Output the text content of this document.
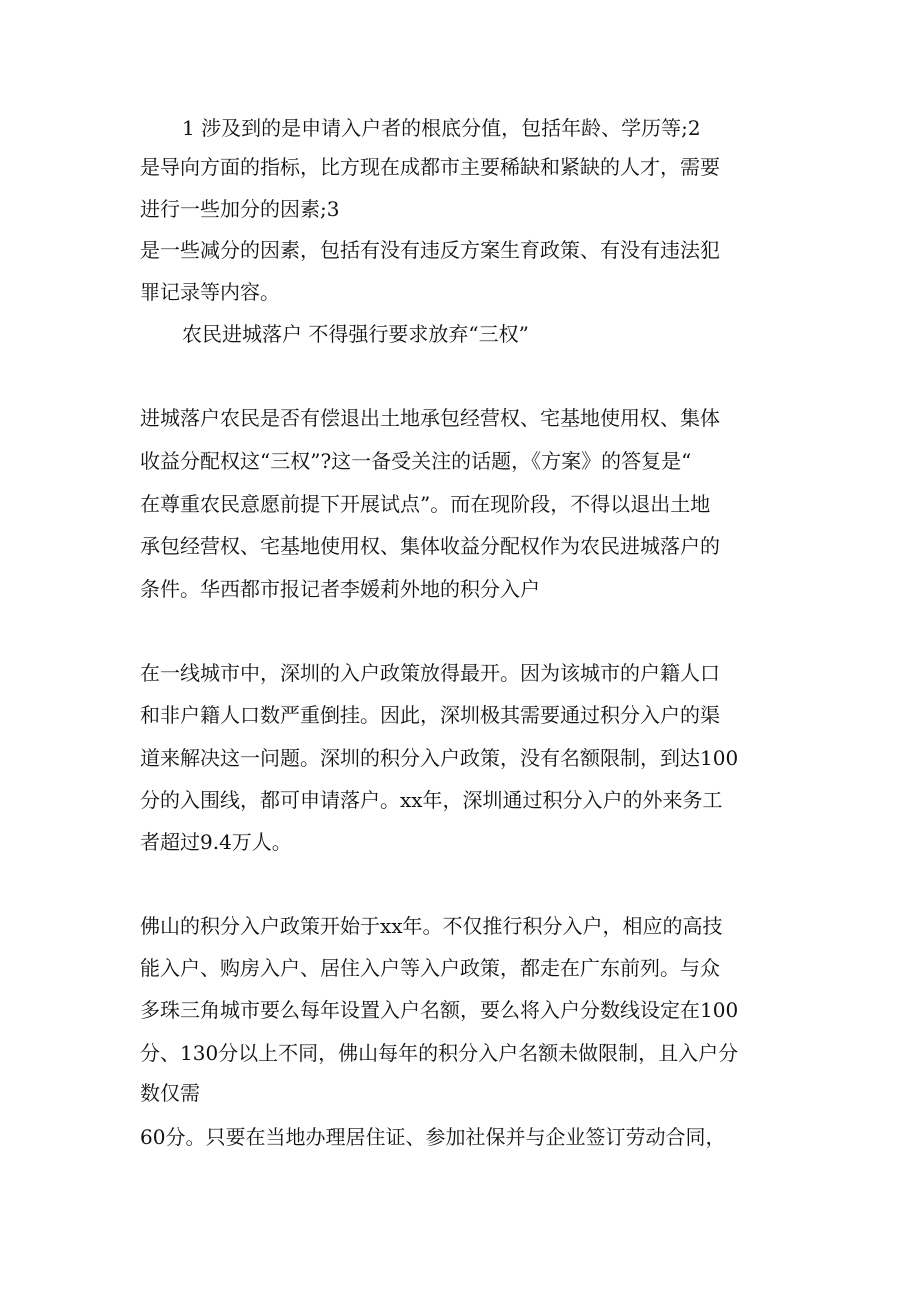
1 涉及到的是申请入户者的根底分值，包括年龄、学历等;2
是导向方面的指标，比方现在成都市主要稀缺和紧缺的人才，需要
进行一些加分的因素;3
是一些减分的因素，包括有没有违反方案生育政策、有没有违法犯
罪记录等内容。
农民进城落户 不得强行要求放弃“三权”
进城落户农民是否有偿退出土地承包经营权、宅基地使用权、集体
收益分配权这“三权”?这一备受关注的话题，《方案》的答复是“
在尊重农民意愿前提下开展试点”。而在现阶段，不得以退出土地
承包经营权、宅基地使用权、集体收益分配权作为农民进城落户的
条件。华西都市报记者李媛莉外地的积分入户
在一线城市中，深圳的入户政策放得最开。因为该城市的户籍人口
和非户籍人口数严重倒挂。因此，深圳极其需要通过积分入户的渠
道来解决这一问题。深圳的积分入户政策，没有名额限制，到达100
分的入围线，都可申请落户。xx年，深圳通过积分入户的外来务工
者超过9.4万人。
佛山的积分入户政策开始于xx年。不仅推行积分入户，相应的高技
能入户、购房入户、居住入户等入户政策，都走在广东前列。与众
多珠三角城市要么每年设置入户名额，要么将入户分数线设定在100
分、130分以上不同，佛山每年的积分入户名额未做限制，且入户分
数仅需
60分。只要在当地办理居住证、参加社保并与企业签订劳动合同，
